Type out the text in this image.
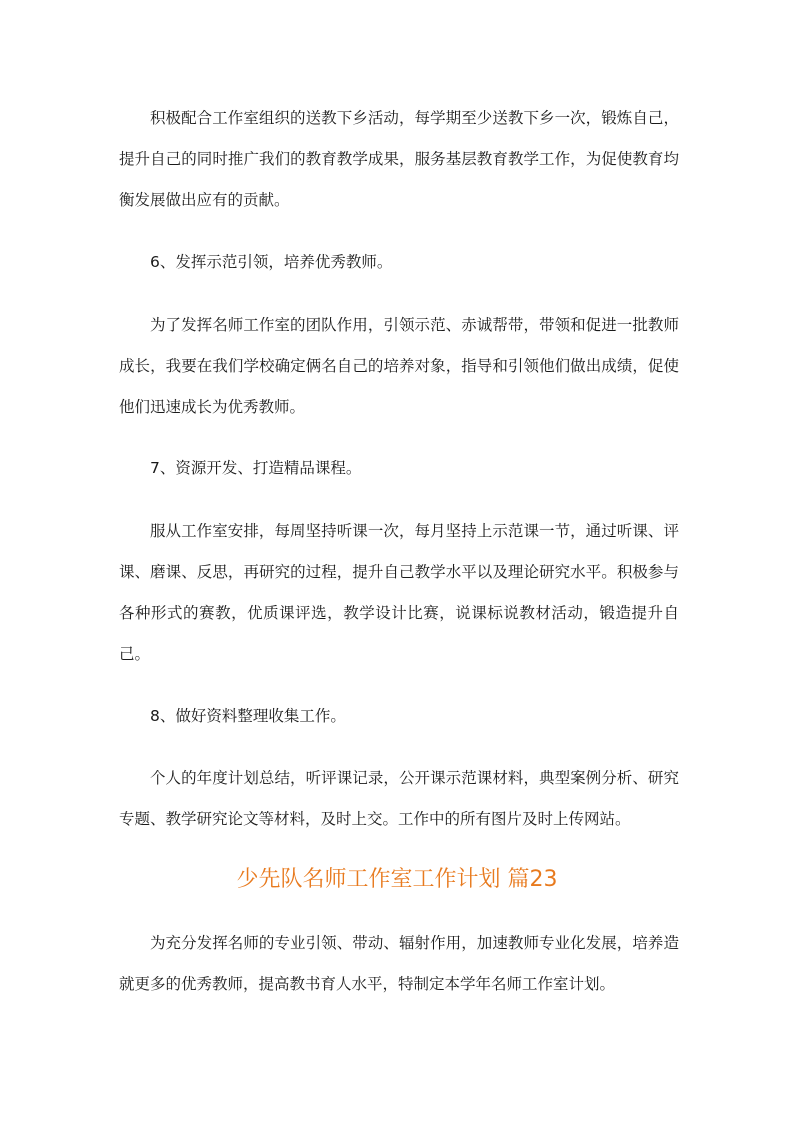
积极配合工作室组织的送教下乡活动，每学期至少送教下乡一次，锻炼自己，提升自己的同时推广我们的教育教学成果，服务基层教育教学工作，为促使教育均衡发展做出应有的贡献。

6、发挥示范引领，培养优秀教师。

为了发挥名师工作室的团队作用，引领示范、赤诚帮带，带领和促进一批教师成长，我要在我们学校确定俩名自己的培养对象，指导和引领他们做出成绩，促使他们迅速成长为优秀教师。

7、资源开发、打造精品课程。

服从工作室安排，每周坚持听课一次，每月坚持上示范课一节，通过听课、评课、磨课、反思，再研究的过程，提升自己教学水平以及理论研究水平。积极参与各种形式的赛教，优质课评选，教学设计比赛，说课标说教材活动，锻造提升自己。

8、做好资料整理收集工作。

个人的年度计划总结，听评课记录，公开课示范课材料，典型案例分析、研究专题、教学研究论文等材料，及时上交。工作中的所有图片及时上传网站。

少先队名师工作室工作计划 篇23

为充分发挥名师的专业引领、带动、辐射作用，加速教师专业化发展，培养造就更多的优秀教师，提高教书育人水平，特制定本学年名师工作室计划。
